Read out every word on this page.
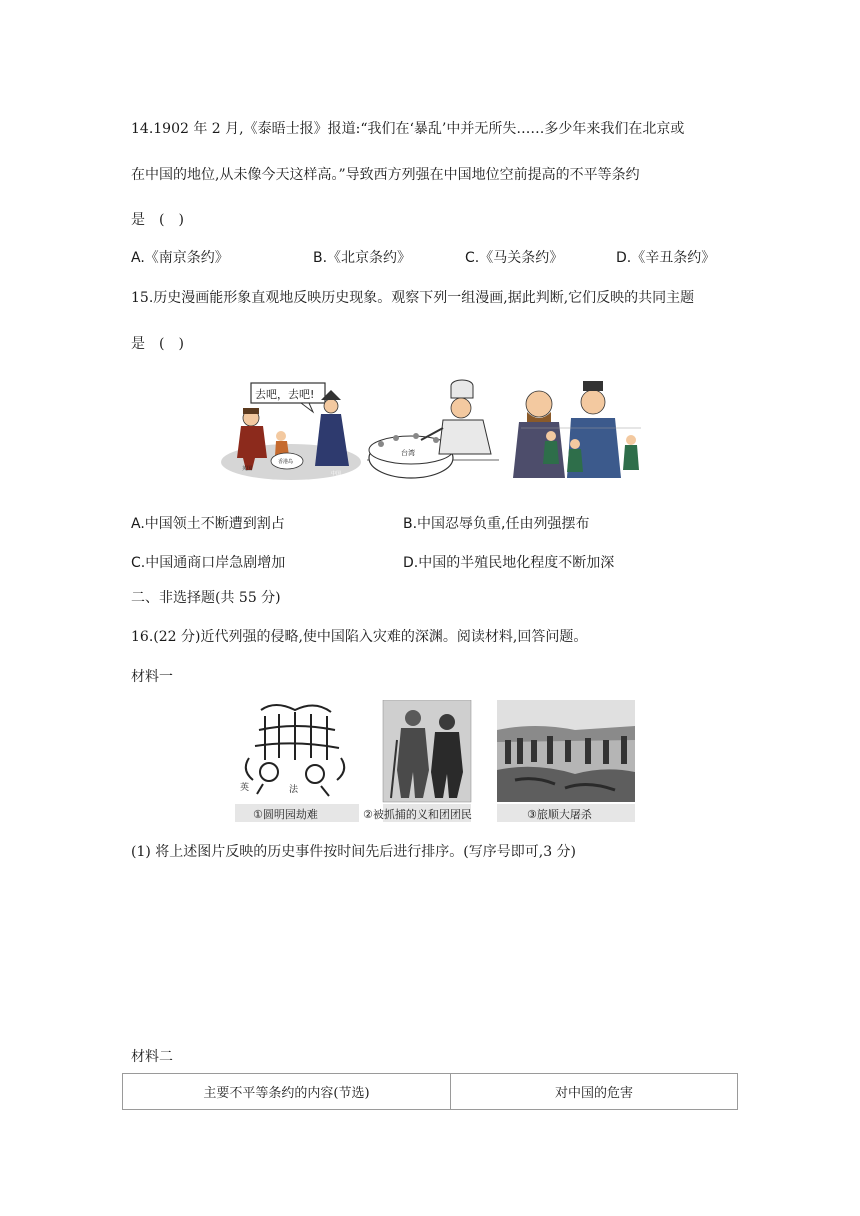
14.1902 年 2 月,《泰晤士报》报道:“我们在‘暴乱’中并无所失……多少年来我们在北京或
在中国的地位,从未像今天这样高。”导致西方列强在中国地位空前提高的不平等条约
是　(　)
A.《南京条约》	B.《北京条约》	C.《马关条约》	D.《辛丑条约》
15.历史漫画能形象直观地反映历史现象。观察下列一组漫画,据此判断,它们反映的共同主题
是　(　)
去吧，去吧!
英国
香港岛
中国
台湾
A.中国领土不断遭到割占	B.中国忍辱负重,任由列强摆布
C.中国通商口岸急剧增加	D.中国的半殖民地化程度不断加深
二、非选择题(共 55 分)
16.(22 分)近代列强的侵略,使中国陷入灾难的深渊。阅读材料,回答问题。
材料一
英	法
①圆明园劫难	②被抓捕的义和团团民	③旅顺大屠杀
(1) 将上述图片反映的历史事件按时间先后进行排序。(写序号即可,3 分)
材料二
主要不平等条约的内容(节选)	对中国的危害
